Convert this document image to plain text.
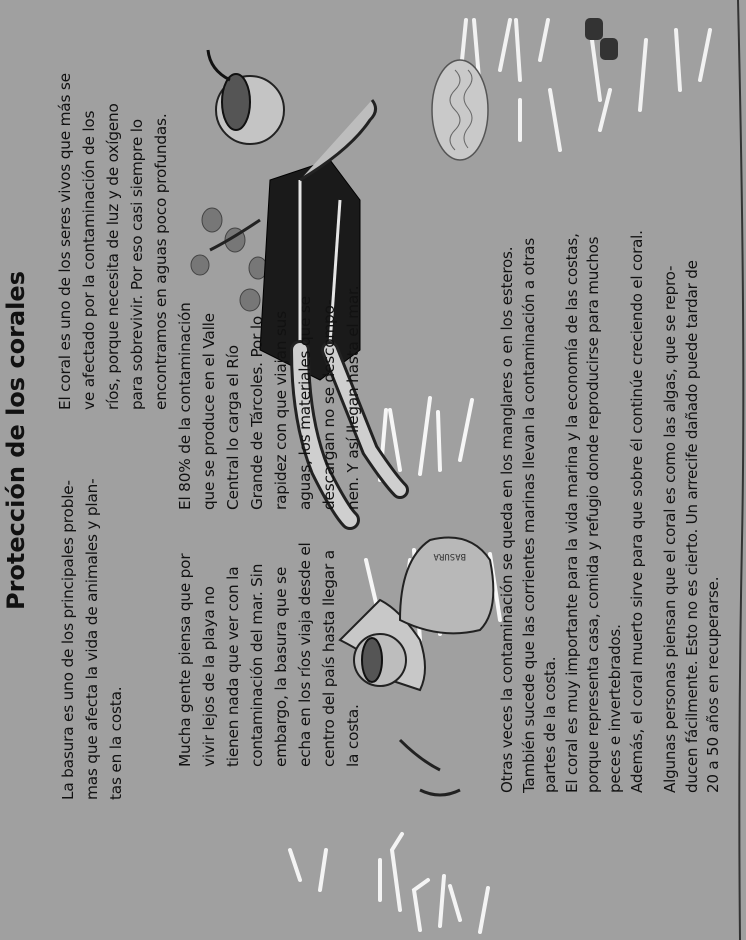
BASURA
Protección de los corales
La basura es uno de los principales proble- mas que afecta la vida de animales y plan- tas en la costa.
El coral es uno de los seres vivos que más se ve afectado por la contaminación de los ríos, porque necesita de luz y de oxígeno para sobrevivir. Por eso casi siempre lo encontramos en aguas poco profundas.
Mucha gente piensa que por vivir lejos de la playa no tienen nada que ver con la contaminación del mar. Sin embargo, la basura que se echa en los ríos viaja desde el centro del país hasta llegar a la costa.
El 80% de la contaminación que se produce en el Valle Central lo carga el Río Grande de Tárcoles. Por lo rapidez con que viajan sus aguas, los materiales que se descargan no se descompo- nen. Y así llegan hasta el mar.	Otras veces la contaminación se queda en los manglares o en los esteros. También sucede que las corrientes marinas llevan la contaminación a otras partes de la costa. El coral es muy importante para la vida marina y la economía de las costas, porque representa casa, comida y refugio donde reproducirse para muchos peces e invertebrados. Además, el coral muerto sirve para que sobre él continúe creciendo el coral. Algunas personas piensan que el coral es como las algas, que se repro- ducen fácilmente. Esto no es cierto. Un arrecife dañado puede tardar de 20 a 50 años en recuperarse.
